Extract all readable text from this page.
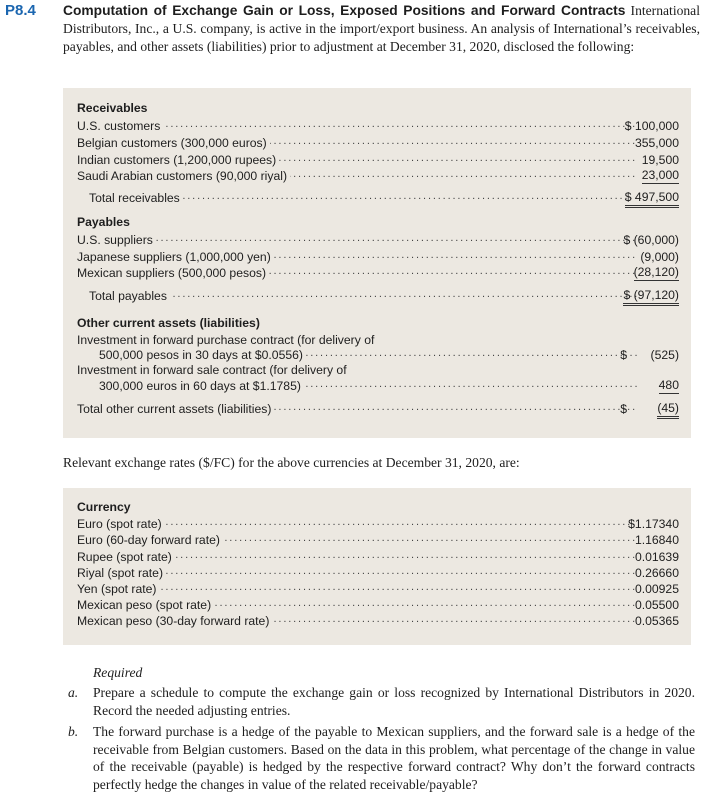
P8.4 Computation of Exchange Gain or Loss, Exposed Positions and Forward Contracts International Distributors, Inc., a U.S. company, is active in the import/export business. An analysis of International’s receivables, payables, and other assets (liabilities) prior to adjustment at December 31, 2020, disclosed the following:
Receivables
. . . U.S. customers	$ 100,000
. . . Belgian customers (300,000 euros)	355,000
. . . Indian customers (1,200,000 rupees)	19,500
. . . Saudi Arabian customers (90,000 riyal)	23,000
. . . Total receivables	$ 497,500
Payables
. . . U.S. suppliers	$ (60,000)
. . . Japanese suppliers (1,000,000 yen)	(9,000)
. . . Mexican suppliers (500,000 pesos)	(28,120)
. . . Total payables	$ (97,120)
Other current assets (liabilities)
Investment in forward purchase contract (for delivery of
. . . 500,000 pesos in 30 days at $0.0556)	$ (525)
Investment in forward sale contract (for delivery of
. . . 300,000 euros in 60 days at $1.1785)	480
. . . Total other current assets (liabilities)	$ (45)
Relevant exchange rates ($/FC) for the above currencies at December 31, 2020, are:
Currency
. . . Euro (spot rate)	$1.17340
. . . Euro (60-day forward rate)	1.16840
. . . Rupee (spot rate)	0.01639
. . . Riyal (spot rate)	0.26660
. . . Yen (spot rate)	0.00925
. . . Mexican peso (spot rate)	0.05500
. . . Mexican peso (30-day forward rate)	0.05365
Required
a. Prepare a schedule to compute the exchange gain or loss recognized by International Distributors in 2020. Record the needed adjusting entries.
b. The forward purchase is a hedge of the payable to Mexican suppliers, and the forward sale is a hedge of the receivable from Belgian customers. Based on the data in this problem, what percentage of the change in value of the receivable (payable) is hedged by the respective forward contract? Why don’t the forward contracts perfectly hedge the changes in value of the related receivable/payable?
